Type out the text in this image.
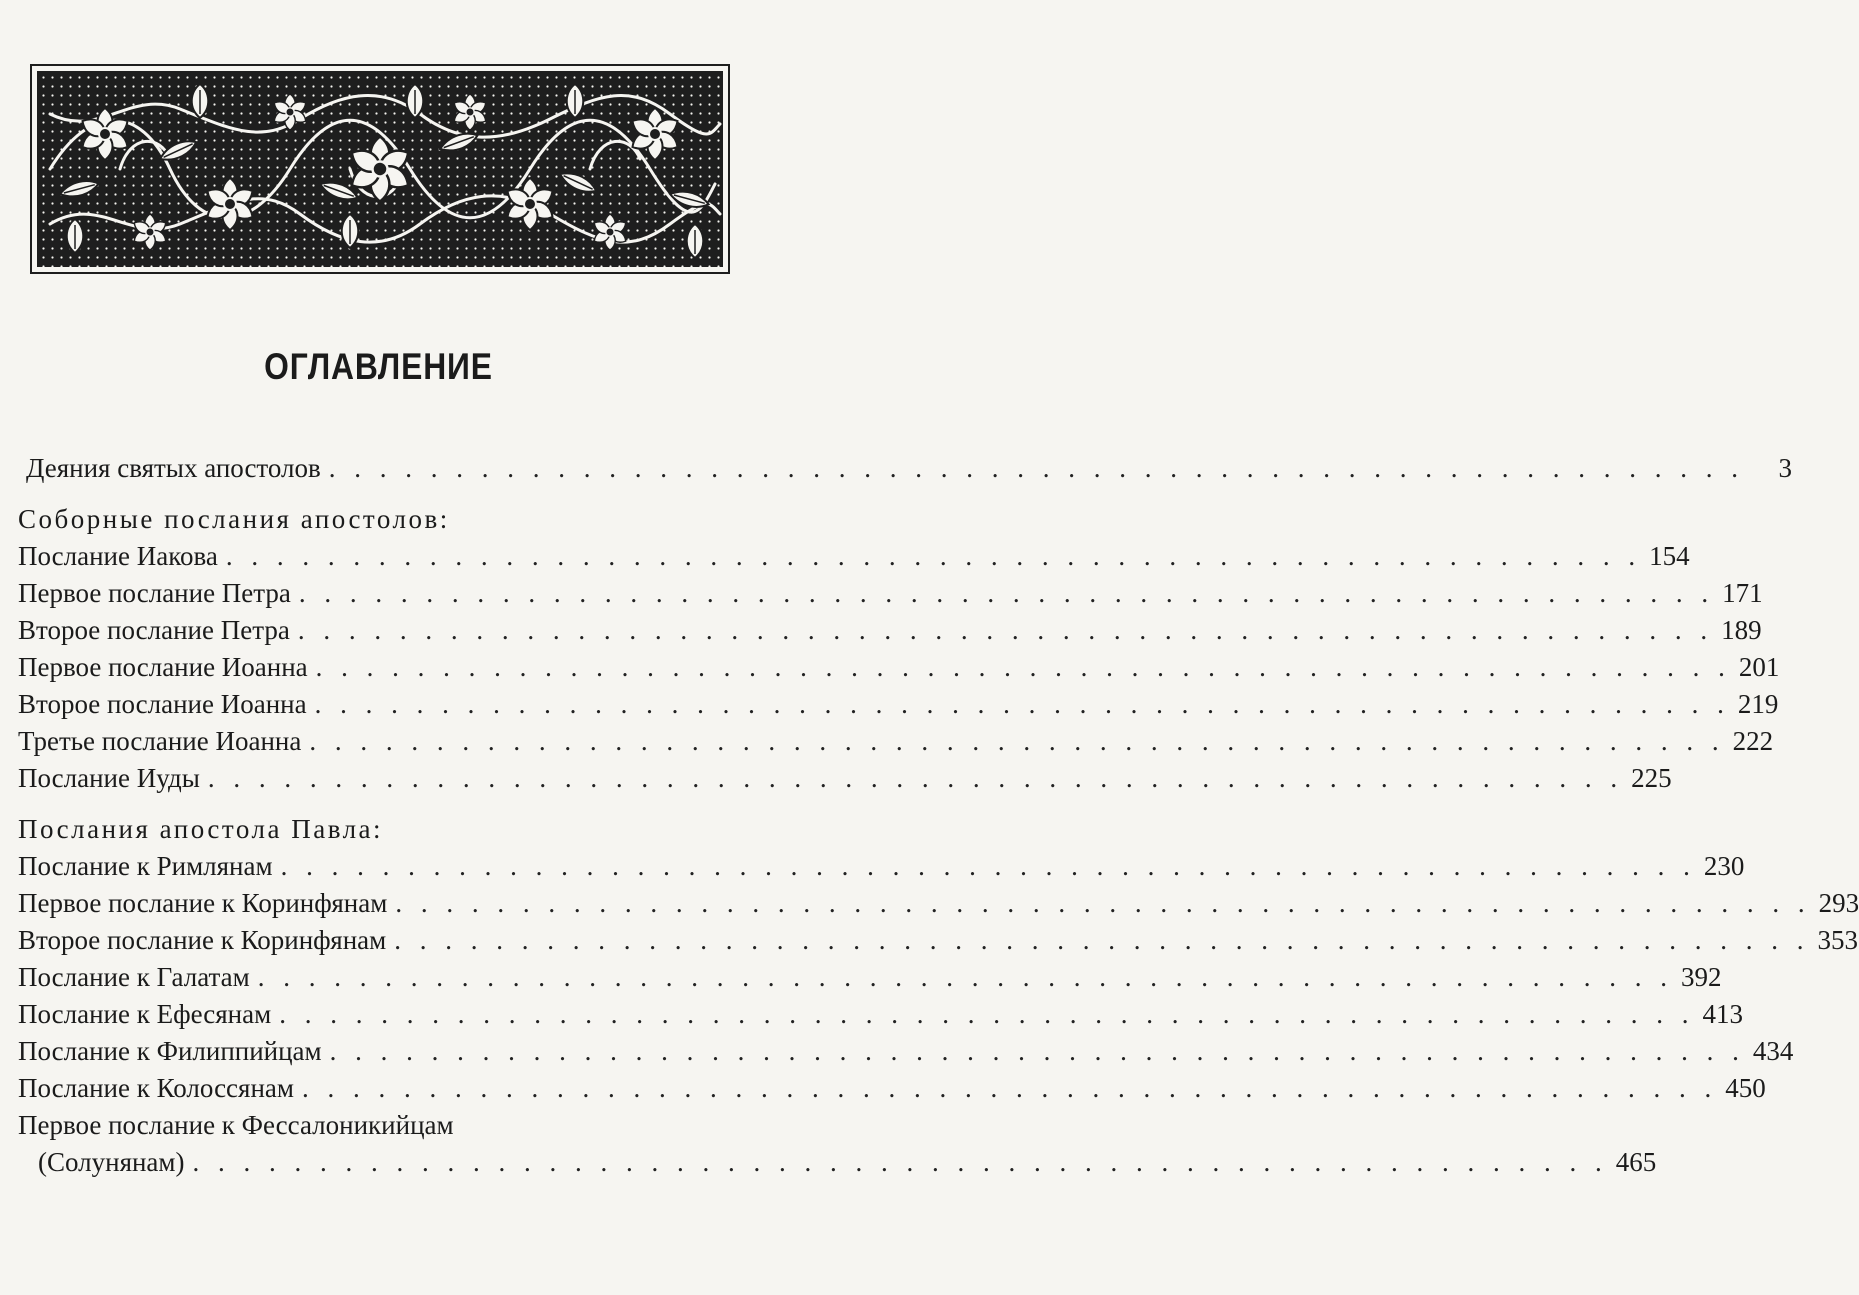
ОГЛАВЛЕНИЕ
Деяния святых апостолов . . . . . . . . . . . . . . . . . . . . . . . . . . . . . . . . . . . . . . . . . . . . . . . . . . . . . . . .	3
Соборные послания апостолов:
Послание Иакова . . . . . . . . . . . . . . . . . . . . . . . . . . . . . . . . . . . . . . . . . . . . . . . . . . . . . . . . 154
Первое послание Петра . . . . . . . . . . . . . . . . . . . . . . . . . . . . . . . . . . . . . . . . . . . . . . . . . . . . . . . . 171
Второе послание Петра . . . . . . . . . . . . . . . . . . . . . . . . . . . . . . . . . . . . . . . . . . . . . . . . . . . . . . . . 189
Первое послание Иоанна . . . . . . . . . . . . . . . . . . . . . . . . . . . . . . . . . . . . . . . . . . . . . . . . . . . . . . . . 201
Второе послание Иоанна . . . . . . . . . . . . . . . . . . . . . . . . . . . . . . . . . . . . . . . . . . . . . . . . . . . . . . . . 219
Третье послание Иоанна . . . . . . . . . . . . . . . . . . . . . . . . . . . . . . . . . . . . . . . . . . . . . . . . . . . . . . . . 222
Послание Иуды . . . . . . . . . . . . . . . . . . . . . . . . . . . . . . . . . . . . . . . . . . . . . . . . . . . . . . . . 225
Послания апостола Павла:
Послание к Римлянам . . . . . . . . . . . . . . . . . . . . . . . . . . . . . . . . . . . . . . . . . . . . . . . . . . . . . . . . 230
Первое послание к Коринфянам . . . . . . . . . . . . . . . . . . . . . . . . . . . . . . . . . . . . . . . . . . . . . . . . . . . . . . . . 293
Второе послание к Коринфянам . . . . . . . . . . . . . . . . . . . . . . . . . . . . . . . . . . . . . . . . . . . . . . . . . . . . . . . . 353
Послание к Галатам . . . . . . . . . . . . . . . . . . . . . . . . . . . . . . . . . . . . . . . . . . . . . . . . . . . . . . . . 392
Послание к Ефесянам . . . . . . . . . . . . . . . . . . . . . . . . . . . . . . . . . . . . . . . . . . . . . . . . . . . . . . . . 413
Послание к Филиппийцам . . . . . . . . . . . . . . . . . . . . . . . . . . . . . . . . . . . . . . . . . . . . . . . . . . . . . . . . 434
Послание к Колоссянам . . . . . . . . . . . . . . . . . . . . . . . . . . . . . . . . . . . . . . . . . . . . . . . . . . . . . . . . 450
Первое послание к Фессалоникийцам
(Солунянам) . . . . . . . . . . . . . . . . . . . . . . . . . . . . . . . . . . . . . . . . . . . . . . . . . . . . . . . . 465
